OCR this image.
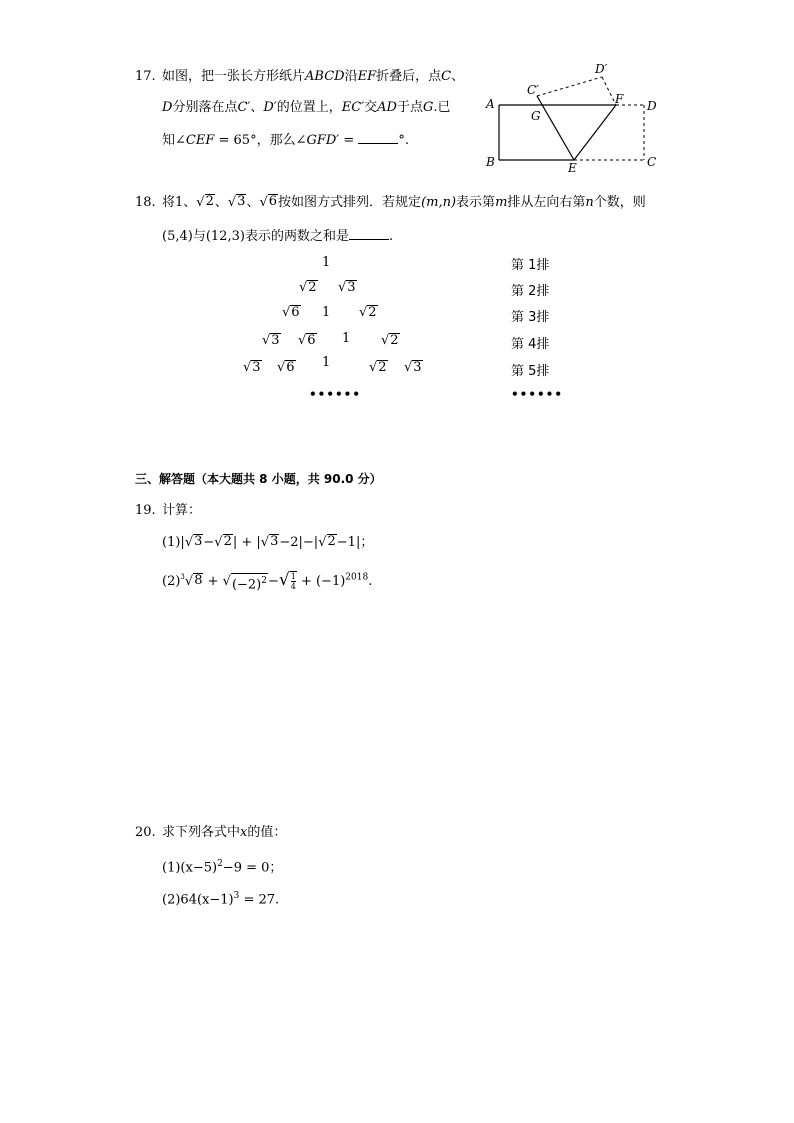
17. 如图，把一张长方形纸片ABCD沿EF折叠后，点C、
D分别落在点C′、D′的位置上，EC′交AD于点G.已
知∠CEF = 65°，那么∠GFD′ =	°.
A
B	C
D
E
F
G
C′
D′
18. 将1、 √ 2 、 √ 3 、 √ 6 按如图方式排列．若规定(m,n)表示第m排从左向右第n个数，则
(5,4)与(12,3)表示的两数之和是	.
1
√ 2 √ 3
√ 6 1 √ 2
√ 3 √ 6 1 √ 2
√ 3 √ 6 1	√ 2 √ 3
••••••
第 1排
第 2排
第 3排
第 4排
第 5排
••••••
三、解答题（本大题共 8 小题，共 90.0 分）
19. 计算：
(1)| √ 3 − √ 2 | + | √ 3 −2|−| √ 2 −1|；
$(2)^3$ √ 8 + √ $(-2)^2$ − √ 1
$4 + (-1)^{2018}$.
20. 求下列各式中x的值：
$(1)(x-5)^2-9 = 0$；
$(2)64(x-1)^3 = 27$.
